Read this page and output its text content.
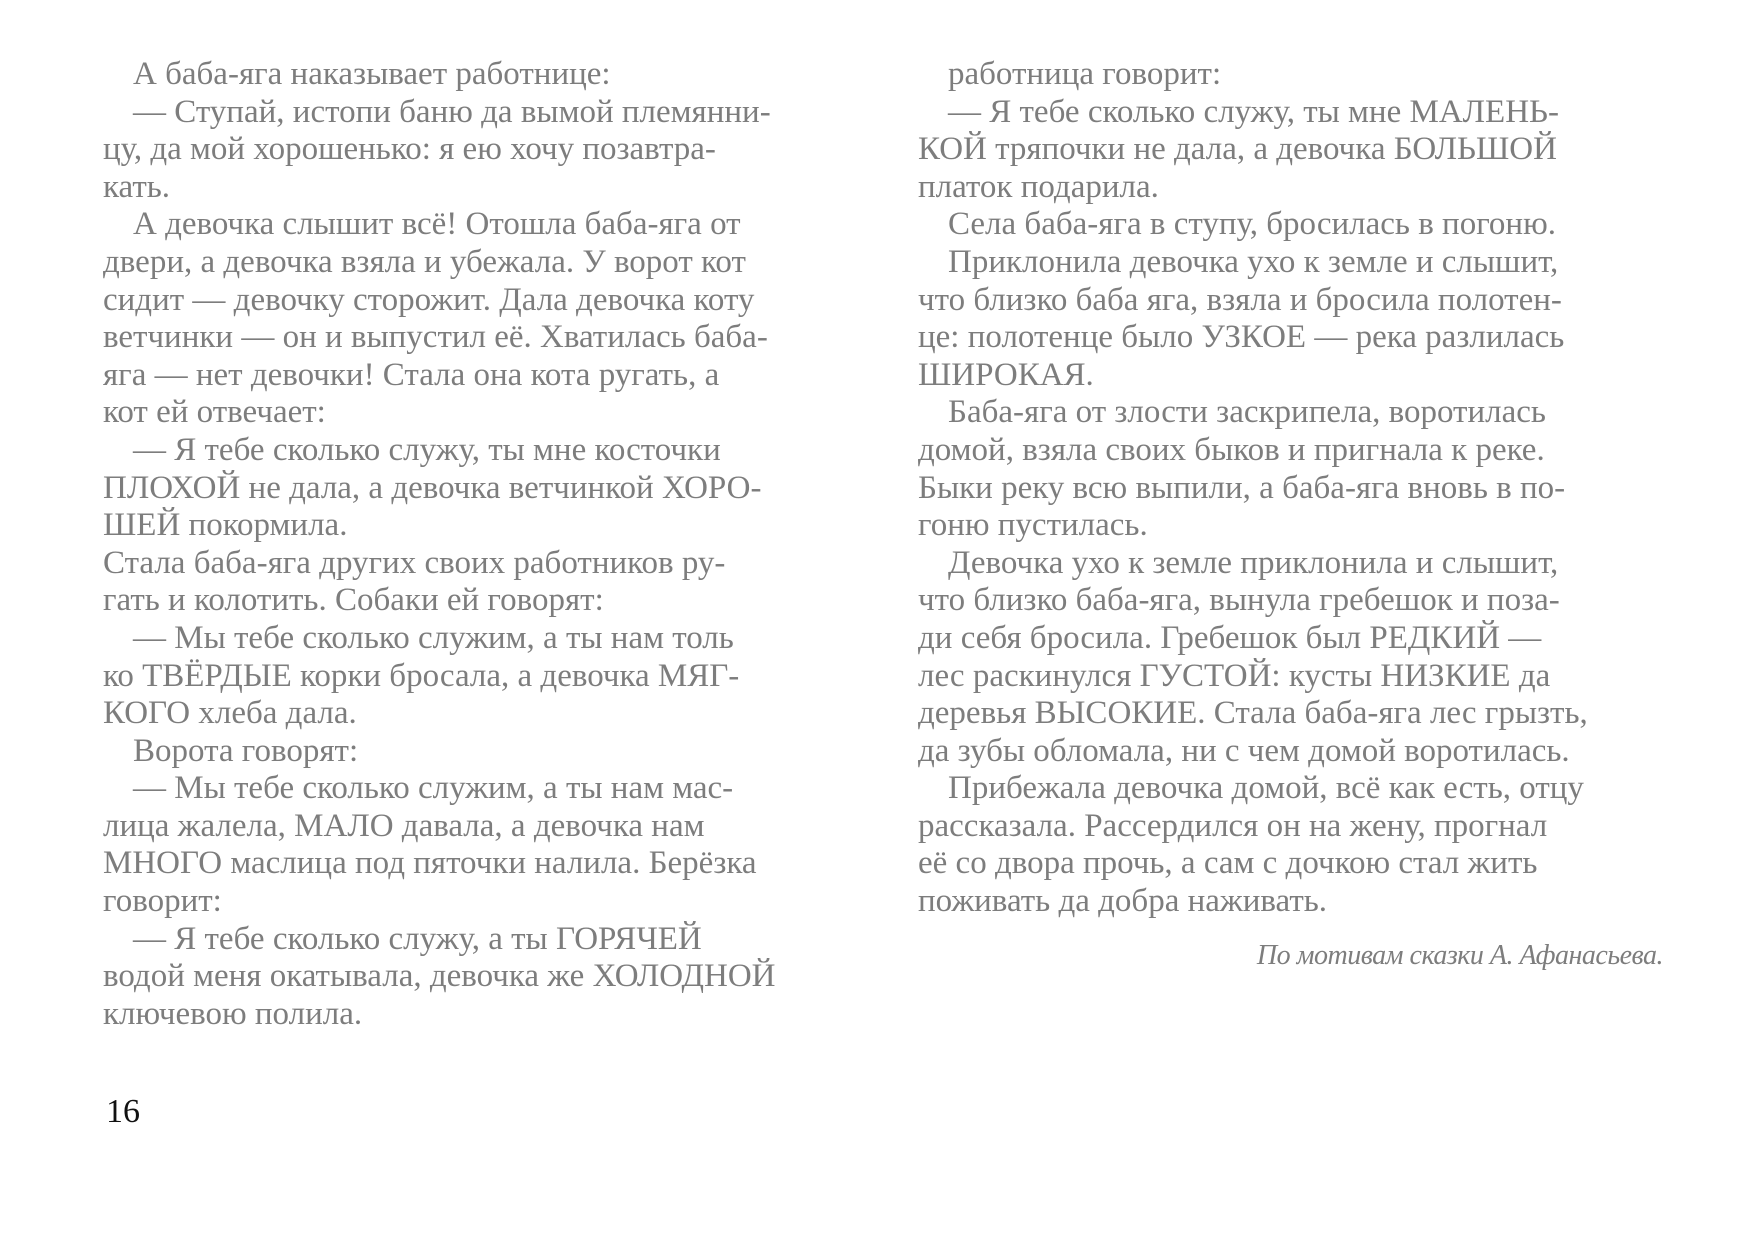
А баба-яга наказывает работнице:

— Ступай, истопи баню да вымой племянни-
цу, да мой хорошенько: я ею хочу позавтра-
кать.

А девочка слышит всё! Отошла баба-яга от
двери, а девочка взяла и убежала. У ворот кот
сидит — девочку сторожит. Дала девочка коту
ветчинки — он и выпустил её. Хватилась баба-
яга — нет девочки! Стала она кота ругать, а
кот ей отвечает:

— Я тебе сколько служу, ты мне косточки
ПЛОХОЙ не дала, а девочка ветчинкой ХОРО-
ШЕЙ покормила.

Стала баба-яга других своих работников ру-
гать и колотить. Собаки ей говорят:

— Мы тебе сколько служим, а ты нам толь
ко ТВЁРДЫЕ корки бросала, а девочка МЯГ-
КОГО хлеба дала.

Ворота говорят:

— Мы тебе сколько служим, а ты нам мас-
лица жалела, МАЛО давала, а девочка нам
МНОГО маслица под пяточки налила. Берёзка
говорит:

— Я тебе сколько служу, а ты ГОРЯЧЕЙ
водой меня окатывала, девочка же ХОЛОДНОЙ
ключевою полила.

работница говорит:

— Я тебе сколько служу, ты мне МАЛЕНЬ-
КОЙ тряпочки не дала, а девочка БОЛЬШОЙ
платок подарила.

Села баба-яга в ступу, бросилась в погоню.

Приклонила девочка ухо к земле и слышит,
что близко баба яга, взяла и бросила полотен-
це: полотенце было УЗКОЕ — река разлилась
ШИРОКАЯ.

Баба-яга от злости заскрипела, воротилась
домой, взяла своих быков и пригнала к реке.
Быки реку всю выпили, а баба-яга вновь в по-
гоню пустилась.

Девочка ухо к земле приклонила и слышит,
что близко баба-яга, вынула гребешок и поза-
ди себя бросила. Гребешок был РЕДКИЙ —
лес раскинулся ГУСТОЙ: кусты НИЗКИЕ да
деревья ВЫСОКИЕ. Стала баба-яга лес грызть,
да зубы обломала, ни с чем домой воротилась.

Прибежала девочка домой, всё как есть, отцу
рассказала. Рассердился он на жену, прогнал
её со двора прочь, а сам с дочкою стал жить
поживать да добра наживать.

По мотивам сказки А. Афанасьева.
16
